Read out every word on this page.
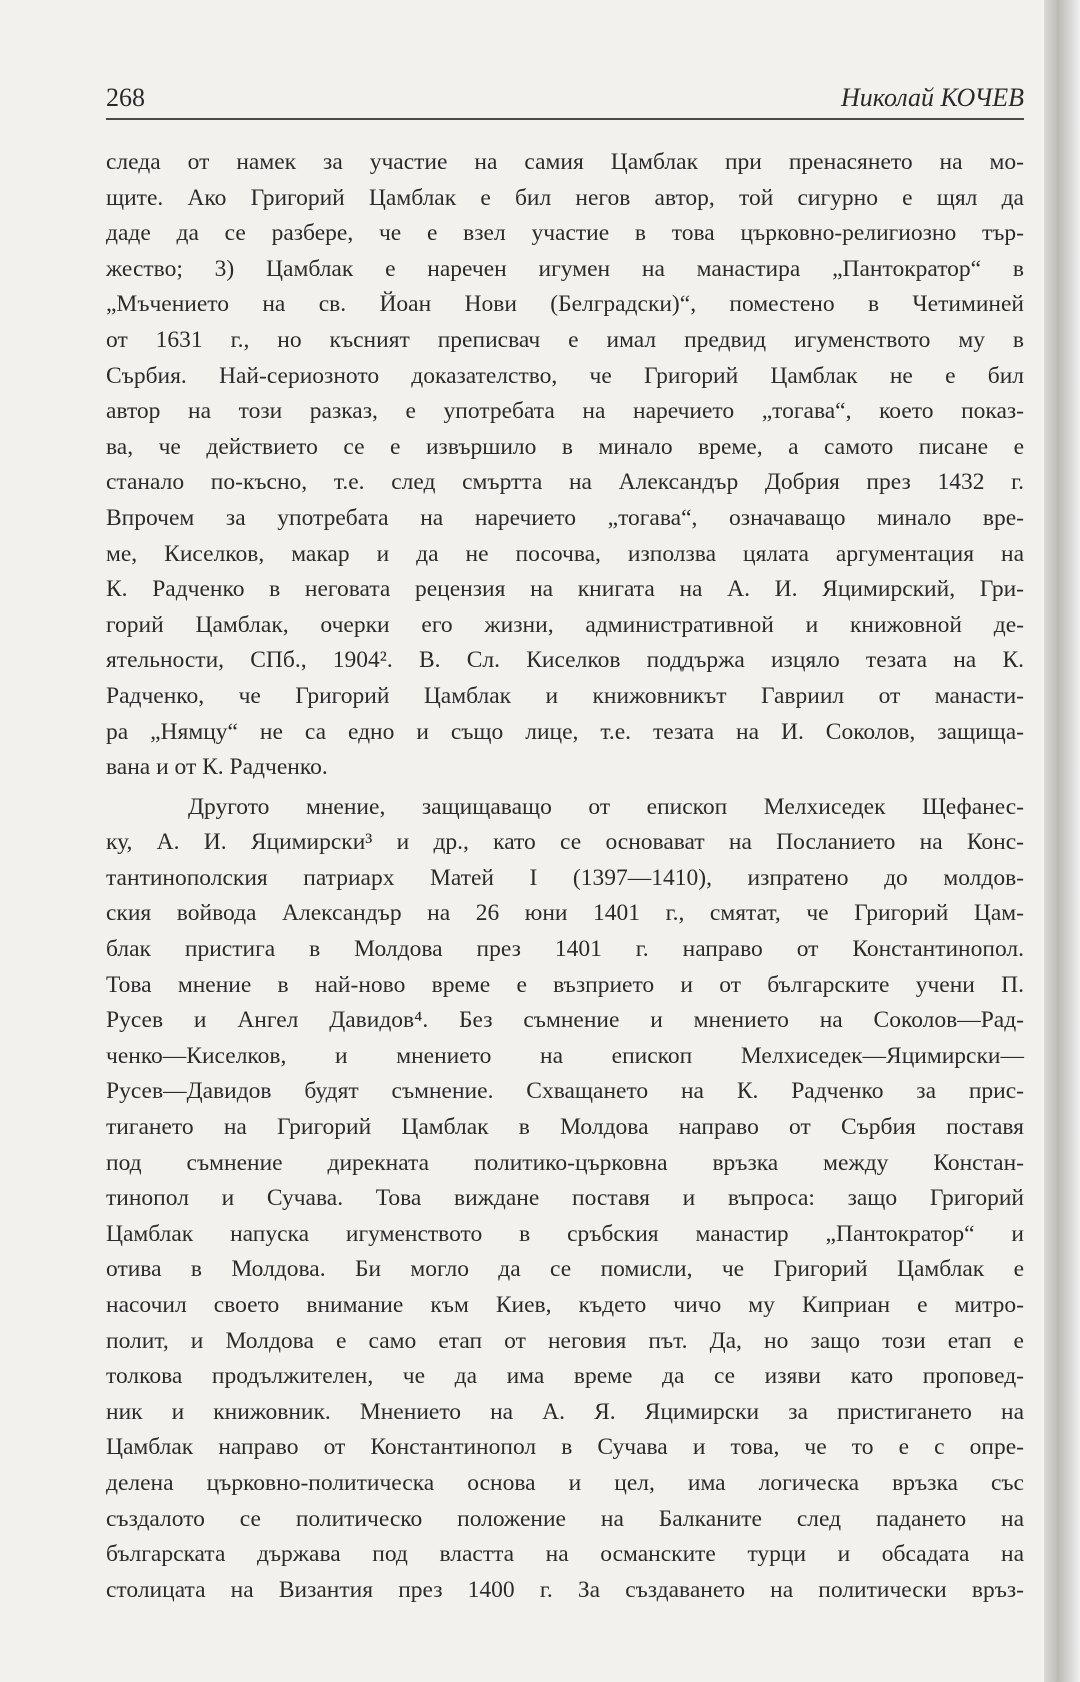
268	Николай КОЧЕВ
следа от намек за участие на самия Цамблак при пренасянето на мо-
щите. Ако Григорий Цамблак е бил негов автор, той сигурно е щял да
даде да се разбере, че е взел участие в това църковно-религиозно тър-
жество; 3) Цамблак е наречен игумен на манастира „Пантократор“ в
„Мъчението на св. Йоан Нови (Белградски)“, поместено в Четиминей
от 1631 г., но късният преписвач е имал предвид игуменството му в
Сърбия. Най-сериозното доказателство, че Григорий Цамблак не е бил
автор на този разказ, е употребата на наречието „тогава“, което показ-
ва, че действието се е извършило в минало време, а самото писане е
станало по-късно, т.е. след смъртта на Александър Добрия през 1432 г.
Впрочем за употребата на наречието „тогава“, означаващо минало вре-
ме, Киселков, макар и да не посочва, използва цялата аргументация на
К. Радченко в неговата рецензия на книгата на А. И. Яцимирский, Гри-
горий Цамблак, очерки его жизни, административной и книжовной де-
ятельности, СПб., 1904². В. Сл. Киселков поддържа изцяло тезата на К.
Радченко, че Григорий Цамблак и книжовникът Гавриил от манасти-
ра „Нямцу“ не са едно и също лице, т.е. тезата на И. Соколов, защища-
вана и от К. Радченко.
Другото мнение, защищаващо от епископ Мелхиседек Щефанес-
ку, А. И. Яцимирски³ и др., като се основават на Посланието на Конс-
тантинополския патриарх Матей I (1397—1410), изпратено до молдов-
ския войвода Александър на 26 юни 1401 г., смятат, че Григорий Цам-
блак пристига в Молдова през 1401 г. направо от Константинопол.
Това мнение в най-ново време е възприето и от българските учени П.
Русев и Ангел Давидов⁴. Без съмнение и мнението на Соколов—Рад-
ченко—Киселков, и мнението на епископ Мелхиседек—Яцимирски—
Русев—Давидов будят съмнение. Схващането на К. Радченко за прис-
тигането на Григорий Цамблак в Молдова направо от Сърбия поставя
под съмнение дирекната политико-църковна връзка между Констан-
тинопол и Сучава. Това виждане поставя и въпроса: защо Григорий
Цамблак напуска игуменството в сръбския манастир „Пантократор“ и
отива в Молдова. Би могло да се помисли, че Григорий Цамблак е
насочил своето внимание към Киев, където чичо му Киприан е митро-
полит, и Молдова е само етап от неговия път. Да, но защо този етап е
толкова продължителен, че да има време да се изяви като проповед-
ник и книжовник. Мнението на А. Я. Яцимирски за пристигането на
Цамблак направо от Константинопол в Сучава и това, че то е с опре-
делена църковно-политическа основа и цел, има логическа връзка със
създалото се политическо положение на Балканите след падането на
българската държава под властта на османските турци и обсадата на
столицата на Византия през 1400 г. За създаването на политически връз-
